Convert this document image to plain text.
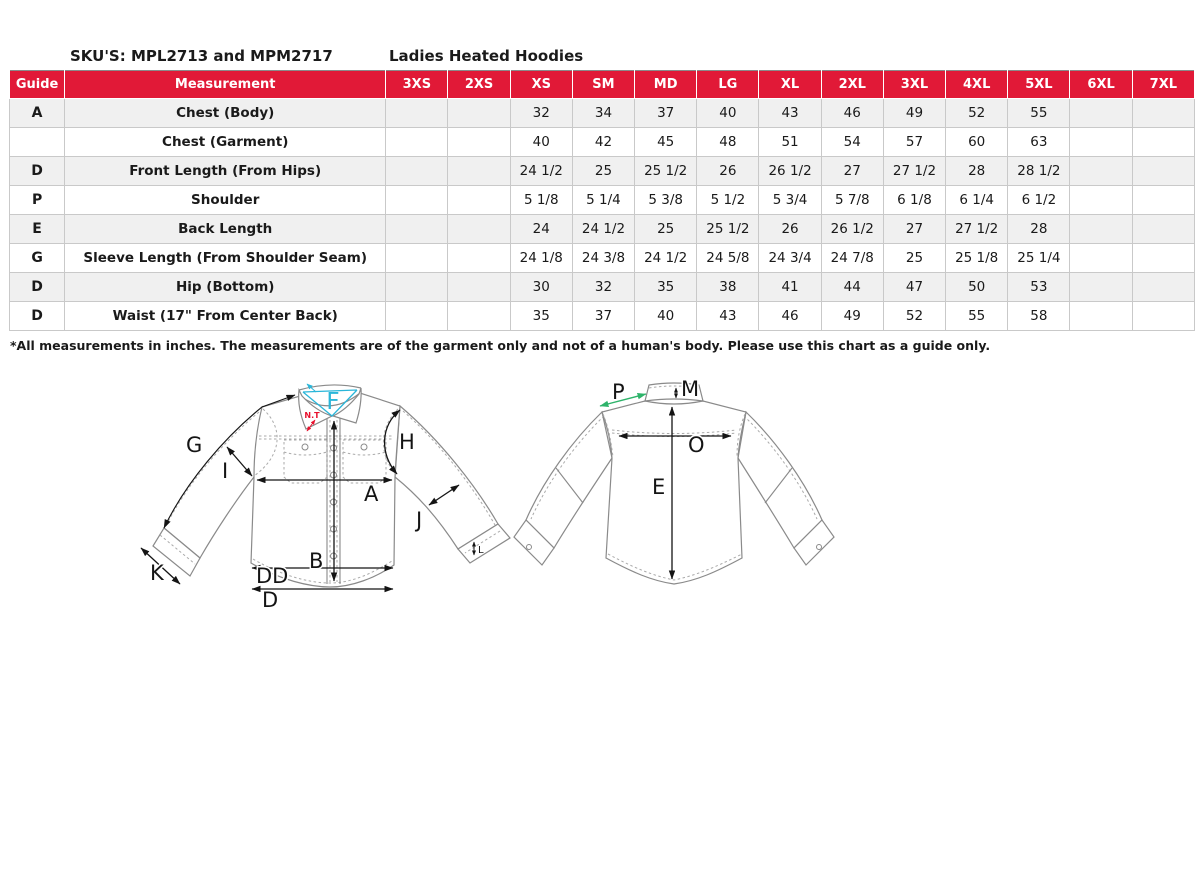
SKU'S: MPL2713 and MPM2717	Ladies Heated Hoodies
Guide	Measurement	3XS	2XS	XS	SM	MD	LG	XL	2XL	3XL	4XL	5XL	6XL	7XL
A	Chest (Body)			32	34	37	40	43	46	49	52	55		
	Chest (Garment)			40	42	45	48	51	54	57	60	63		
D	Front Length (From Hips)			24 1/2	25	25 1/2	26	26 1/2	27	27 1/2	28	28 1/2		
P	Shoulder			5 1/8	5 1/4	5 3/8	5 1/2	5 3/4	5 7/8	6 1/8	6 1/4	6 1/2		
E	Back Length			24	24 1/2	25	25 1/2	26	26 1/2	27	27 1/2	28		
G	Sleeve Length (From Shoulder Seam)			24 1/8	24 3/8	24 1/2	24 5/8	24 3/4	24 7/8	25	25 1/8	25 1/4		
D	Hip (Bottom)			30	32	35	38	41	44	47	50	53		
D	Waist (17" From Center Back)			35	37	40	43	46	49	52	55	58		
*All measurements in inches. The measurements are of the garment only and not of a human's body. Please use this chart as a guide only.
G
I
H
A
J
B
K	DD
D
F
N.T
L
P	M
O
E
